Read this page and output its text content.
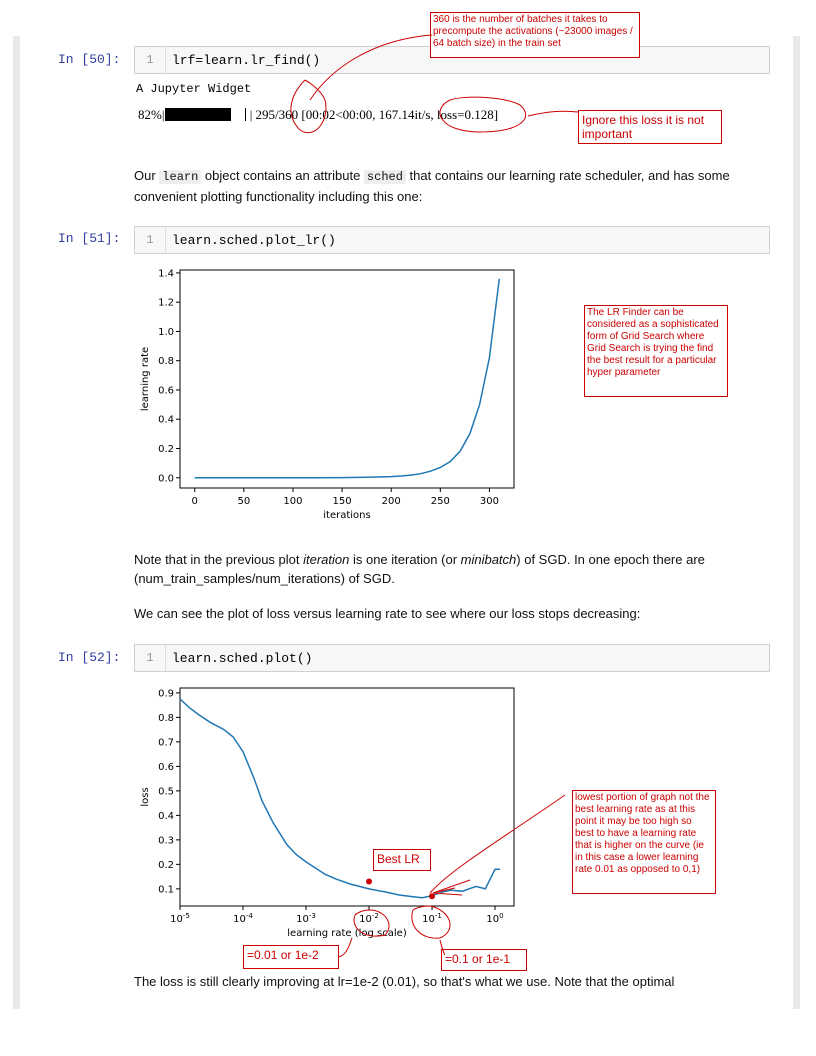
In [50]:	1	lrf=learn.lr_find()
A Jupyter Widget
82%|	| 295/360 [00:02<00:00, 167.14it/s, loss=0.128]
360 is the number of batches it takes to precompute the activations (~23000 images / 64 batch size) in the train set
Ignore this loss it is not important
Our learn object contains an attribute sched that contains our learning rate scheduler, and has some convenient plotting functionality including this one:
In [51]:	1	learn.sched.plot_lr()
0	50	100	150	200	250	300
0.0
0.2
0.4
0.6
0.8
1.0
1.2
1.4
iterations
learning rate
The LR Finder can be considered as a sophisticated form of Grid Search where Grid Search is trying the find the best result for a particular hyper parameter
Note that in the previous plot iteration is one iteration (or minibatch) of SGD. In one epoch there are (num_train_samples/num_iterations) of SGD.
We can see the plot of loss versus learning rate to see where our loss stops decreasing:
In [52]:	1	learn.sched.plot()
$10^{-5}$	$10^{-4}$	$10^{-3}$	$10^{-2}$	$10^{-1}$	$10^0$
0.1
0.2
0.3
0.4
0.5
0.6
0.7
0.8
0.9
learning rate (log scale)
loss	lowest portion of graph not the best learning rate as at this point it may be too high so best to have a learning rate that is higher on the curve (ie in this case a lower learning rate 0.01 as opposed to 0,1)
Best LR
=0.01 or 1e-2	=0.1 or 1e-1
The loss is still clearly improving at lr=1e-2 (0.01), so that's what we use. Note that the optimal
